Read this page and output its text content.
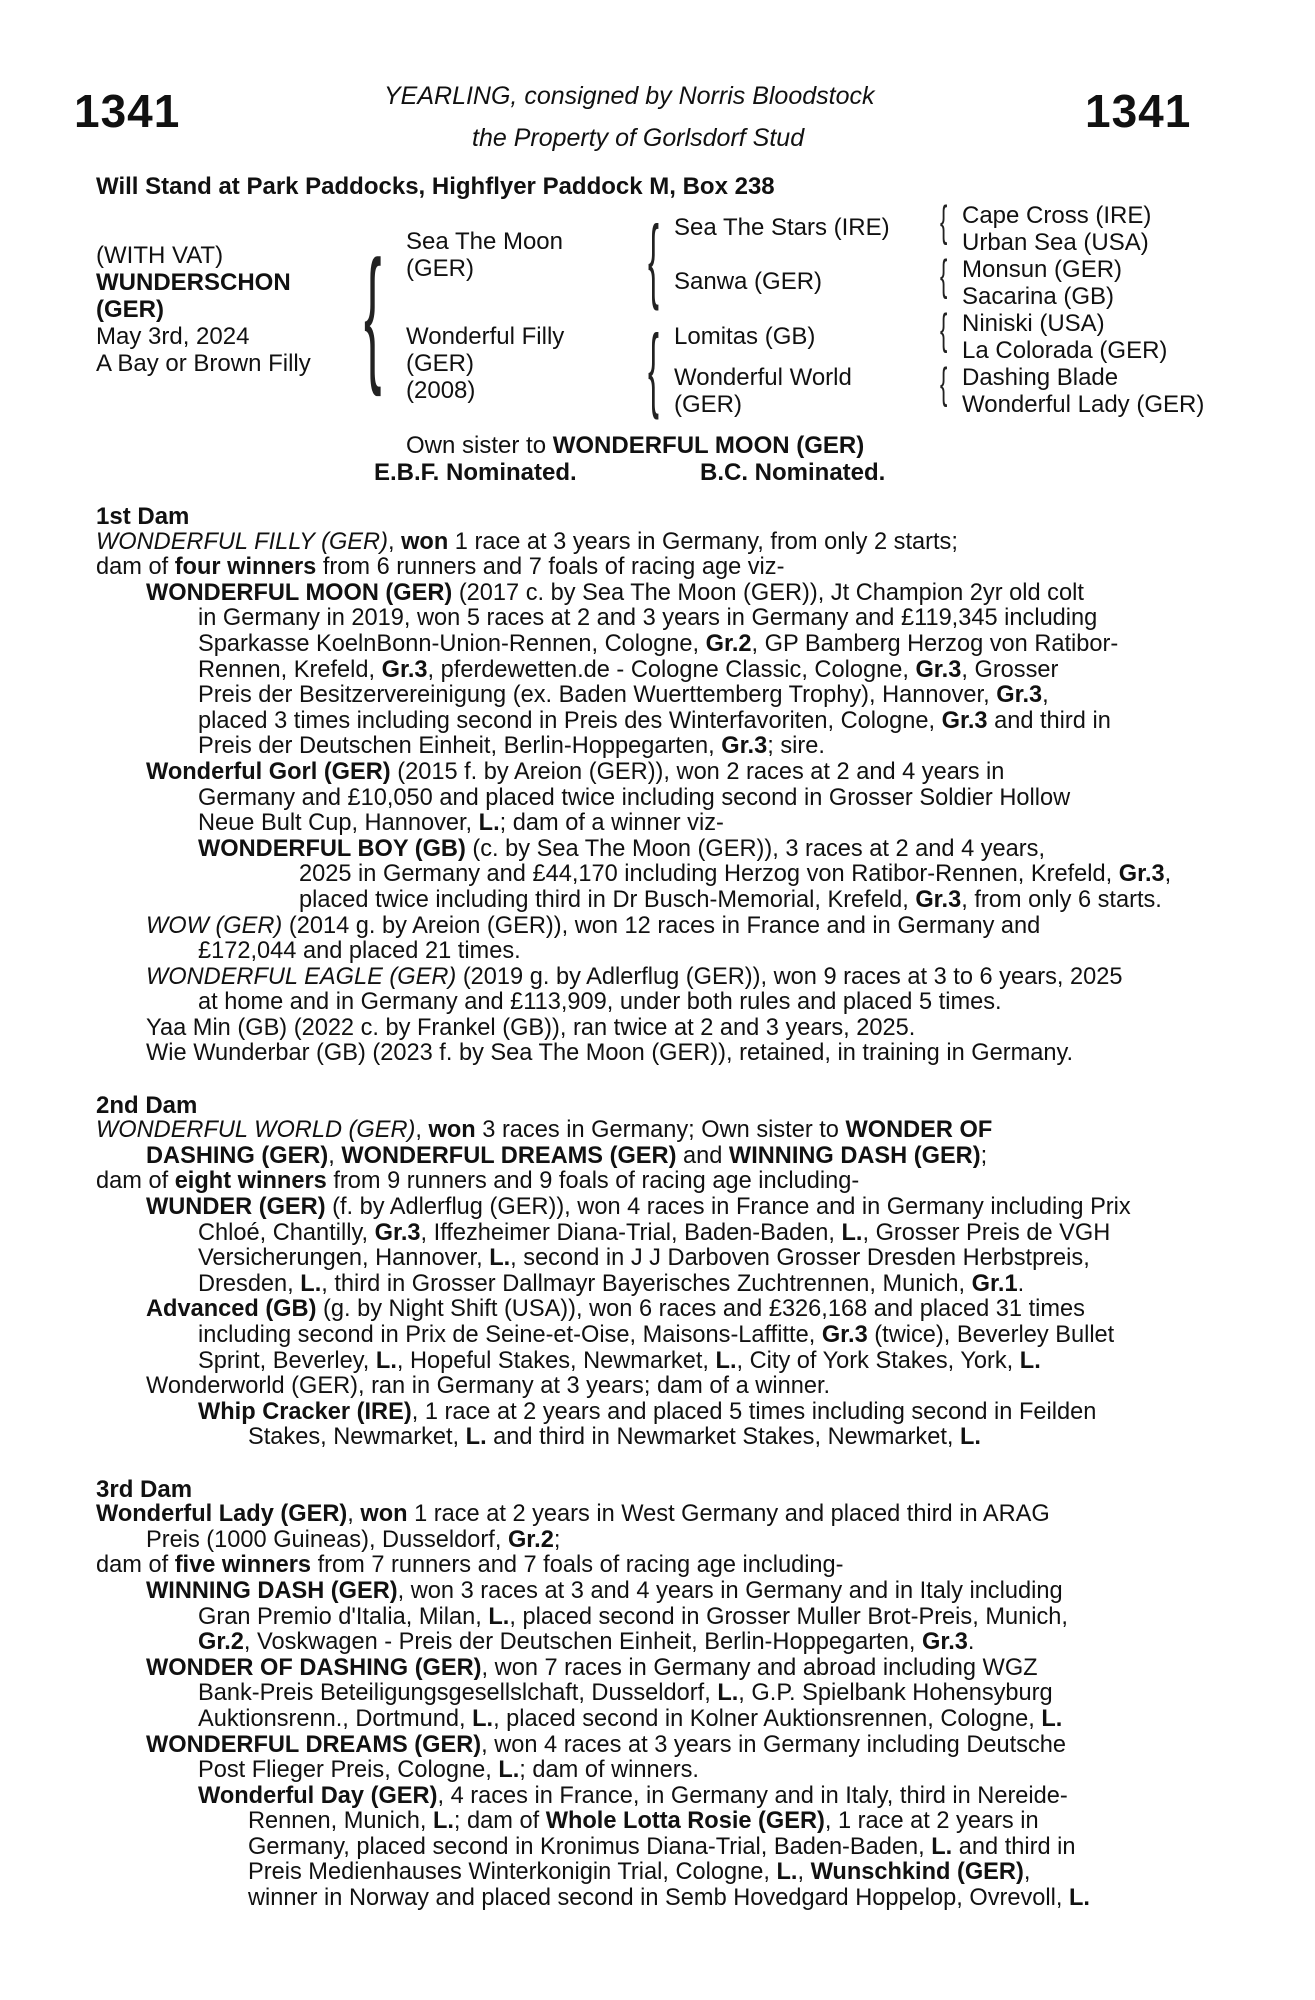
1341	1341
YEARLING, consigned by Norris Bloodstock
the Property of Gorlsdorf Stud
Will Stand at Park Paddocks, Highflyer Paddock M, Box 238
(WITH VAT)
WUNDERSCHON
(GER)
May 3rd, 2024
A Bay or Brown Filly { Sea The Moon
(GER)
Wonderful Filly
(GER)
(2008)
{ Sea The Stars (IRE)
Sanwa (GER)
{ Lomitas (GB)
Wonderful World
(GER)
{ Cape Cross (IRE)
Urban Sea (USA)
{ Monsun (GER)
Sacarina (GB)
{ Niniski (USA)
La Colorada (GER)
{ Dashing Blade
Wonderful Lady (GER)
Own sister to WONDERFUL MOON (GER)
E.B.F. Nominated.	B.C. Nominated.
1st Dam
WONDERFUL FILLY (GER), won 1 race at 3 years in Germany, from only 2 starts;
dam of four winners from 6 runners and 7 foals of racing age viz-
WONDERFUL MOON (GER) (2017 c. by Sea The Moon (GER)), Jt Champion 2yr old colt
in Germany in 2019, won 5 races at 2 and 3 years in Germany and £119,345 including
Sparkasse KoelnBonn-Union-Rennen, Cologne, Gr.2, GP Bamberg Herzog von Ratibor-
Rennen, Krefeld, Gr.3, pferdewetten.de - Cologne Classic, Cologne, Gr.3, Grosser
Preis der Besitzervereinigung (ex. Baden Wuerttemberg Trophy), Hannover, Gr.3,
placed 3 times including second in Preis des Winterfavoriten, Cologne, Gr.3 and third in
Preis der Deutschen Einheit, Berlin-Hoppegarten, Gr.3; sire.
Wonderful Gorl (GER) (2015 f. by Areion (GER)), won 2 races at 2 and 4 years in
Germany and £10,050 and placed twice including second in Grosser Soldier Hollow
Neue Bult Cup, Hannover, L.; dam of a winner viz-
WONDERFUL BOY (GB) (c. by Sea The Moon (GER)), 3 races at 2 and 4 years,
2025 in Germany and £44,170 including Herzog von Ratibor-Rennen, Krefeld, Gr.3,
placed twice including third in Dr Busch-Memorial, Krefeld, Gr.3, from only 6 starts.
WOW (GER) (2014 g. by Areion (GER)), won 12 races in France and in Germany and
£172,044 and placed 21 times.
WONDERFUL EAGLE (GER) (2019 g. by Adlerflug (GER)), won 9 races at 3 to 6 years, 2025
at home and in Germany and £113,909, under both rules and placed 5 times.
Yaa Min (GB) (2022 c. by Frankel (GB)), ran twice at 2 and 3 years, 2025.
Wie Wunderbar (GB) (2023 f. by Sea The Moon (GER)), retained, in training in Germany.
2nd Dam
WONDERFUL WORLD (GER), won 3 races in Germany; Own sister to WONDER OF
DASHING (GER), WONDERFUL DREAMS (GER) and WINNING DASH (GER);
dam of eight winners from 9 runners and 9 foals of racing age including-
WUNDER (GER) (f. by Adlerflug (GER)), won 4 races in France and in Germany including Prix
Chloé, Chantilly, Gr.3, Iffezheimer Diana-Trial, Baden-Baden, L., Grosser Preis de VGH
Versicherungen, Hannover, L., second in J J Darboven Grosser Dresden Herbstpreis,
Dresden, L., third in Grosser Dallmayr Bayerisches Zuchtrennen, Munich, Gr.1.
Advanced (GB) (g. by Night Shift (USA)), won 6 races and £326,168 and placed 31 times
including second in Prix de Seine-et-Oise, Maisons-Laffitte, Gr.3 (twice), Beverley Bullet
Sprint, Beverley, L., Hopeful Stakes, Newmarket, L., City of York Stakes, York, L.
Wonderworld (GER), ran in Germany at 3 years; dam of a winner.
Whip Cracker (IRE), 1 race at 2 years and placed 5 times including second in Feilden
Stakes, Newmarket, L. and third in Newmarket Stakes, Newmarket, L.
3rd Dam
Wonderful Lady (GER), won 1 race at 2 years in West Germany and placed third in ARAG
Preis (1000 Guineas), Dusseldorf, Gr.2;
dam of five winners from 7 runners and 7 foals of racing age including-
WINNING DASH (GER), won 3 races at 3 and 4 years in Germany and in Italy including
Gran Premio d'Italia, Milan, L., placed second in Grosser Muller Brot-Preis, Munich,
Gr.2, Voskwagen - Preis der Deutschen Einheit, Berlin-Hoppegarten, Gr.3.
WONDER OF DASHING (GER), won 7 races in Germany and abroad including WGZ
Bank-Preis Beteiligungsgesellslchaft, Dusseldorf, L., G.P. Spielbank Hohensyburg
Auktionsrenn., Dortmund, L., placed second in Kolner Auktionsrennen, Cologne, L.
WONDERFUL DREAMS (GER), won 4 races at 3 years in Germany including Deutsche
Post Flieger Preis, Cologne, L.; dam of winners.
Wonderful Day (GER), 4 races in France, in Germany and in Italy, third in Nereide-
Rennen, Munich, L.; dam of Whole Lotta Rosie (GER), 1 race at 2 years in
Germany, placed second in Kronimus Diana-Trial, Baden-Baden, L. and third in
Preis Medienhauses Winterkonigin Trial, Cologne, L., Wunschkind (GER),
winner in Norway and placed second in Semb Hovedgard Hoppelop, Ovrevoll, L.
